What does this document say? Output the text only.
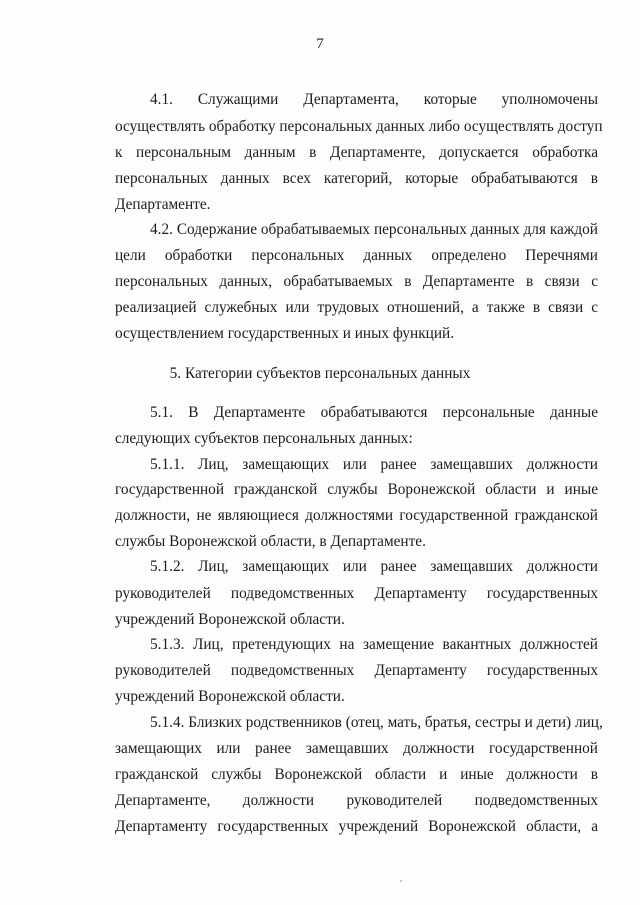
7
4.1. Служащими Департамента, которые уполномочены
осуществлять обработку персональных данных либо осуществлять доступ
к персональным данным в Департаменте, допускается обработка
персональных данных всех категорий, которые обрабатываются в
Департаменте.
4.2. Содержание обрабатываемых персональных данных для каждой
цели обработки персональных данных определено Перечнями
персональных данных, обрабатываемых в Департаменте в связи с
реализацией служебных или трудовых отношений, а также в связи с
осуществлением государственных и иных функций.
5. Категории субъектов персональных данных
5.1. В Департаменте обрабатываются персональные данные
следующих субъектов персональных данных:
5.1.1. Лиц, замещающих или ранее замещавших должности
государственной гражданской службы Воронежской области и иные
должности, не являющиеся должностями государственной гражданской
службы Воронежской области, в Департаменте.
5.1.2. Лиц, замещающих или ранее замещавших должности
руководителей подведомственных Департаменту государственных
учреждений Воронежской области.
5.1.3. Лиц, претендующих на замещение вакантных должностей
руководителей подведомственных Департаменту государственных
учреждений Воронежской области.
5.1.4. Близких родственников (отец, мать, братья, сестры и дети) лиц,
замещающих или ранее замещавших должности государственной
гражданской службы Воронежской области и иные должности в
Департаменте, должности руководителей подведомственных
Департаменту государственных учреждений Воронежской области, а
